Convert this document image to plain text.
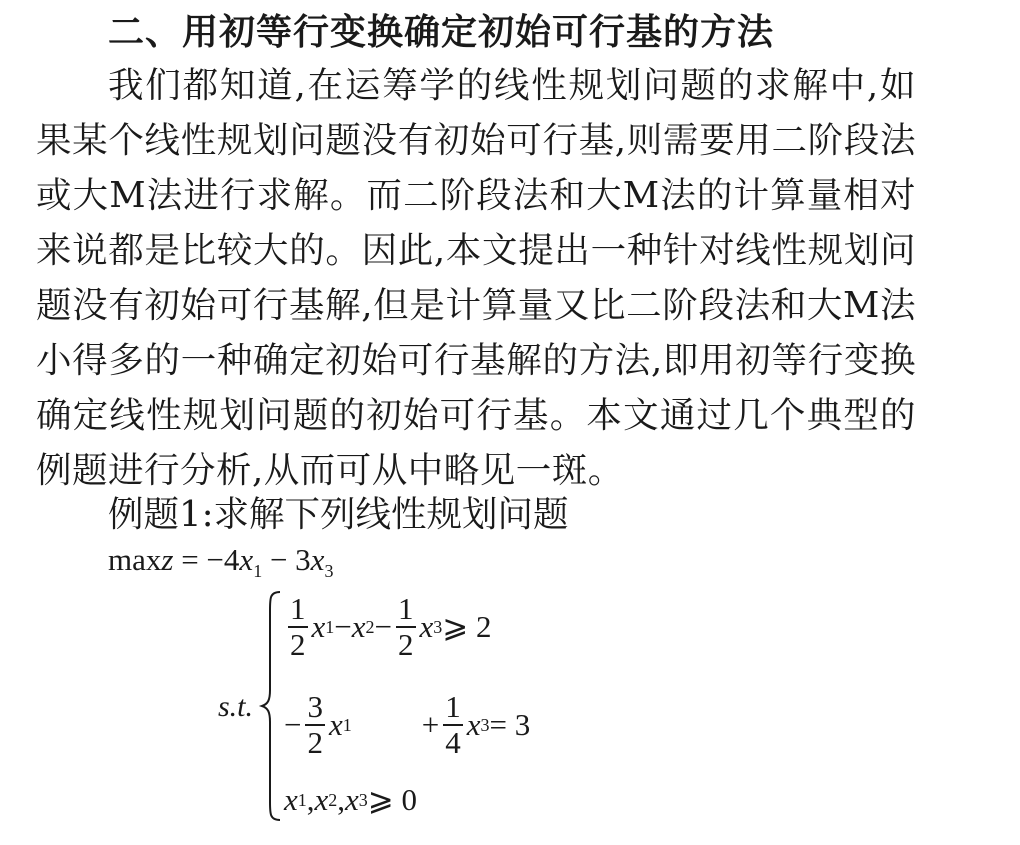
二、用初等行变换确定初始可行基的方法

我们都知道,在运筹学的线性规划问题的求解中,如果某个线性规划问题没有初始可行基,则需要用二阶段法或大M法进行求解。而二阶段法和大M法的计算量相对来说都是比较大的。因此,本文提出一种针对线性规划问题没有初始可行基解,但是计算量又比二阶段法和大M法小得多的一种确定初始可行基解的方法,即用初等行变换确定线性规划问题的初始可行基。本文通过几个典型的例题进行分析,从而可从中略见一斑。

例题1:求解下列线性规划问题
$\max z = -4x_1 - 3x_3$
s.t.
$\frac{1}{2}$ x 1 − x $2 - \frac{1}{2}$ x 3 ⩾ 2
− $\frac{3}{2}$ x $1 + \frac{1}{4}$ x 3 = 3
x 1 , x 2 , x 3 ⩾ 0
